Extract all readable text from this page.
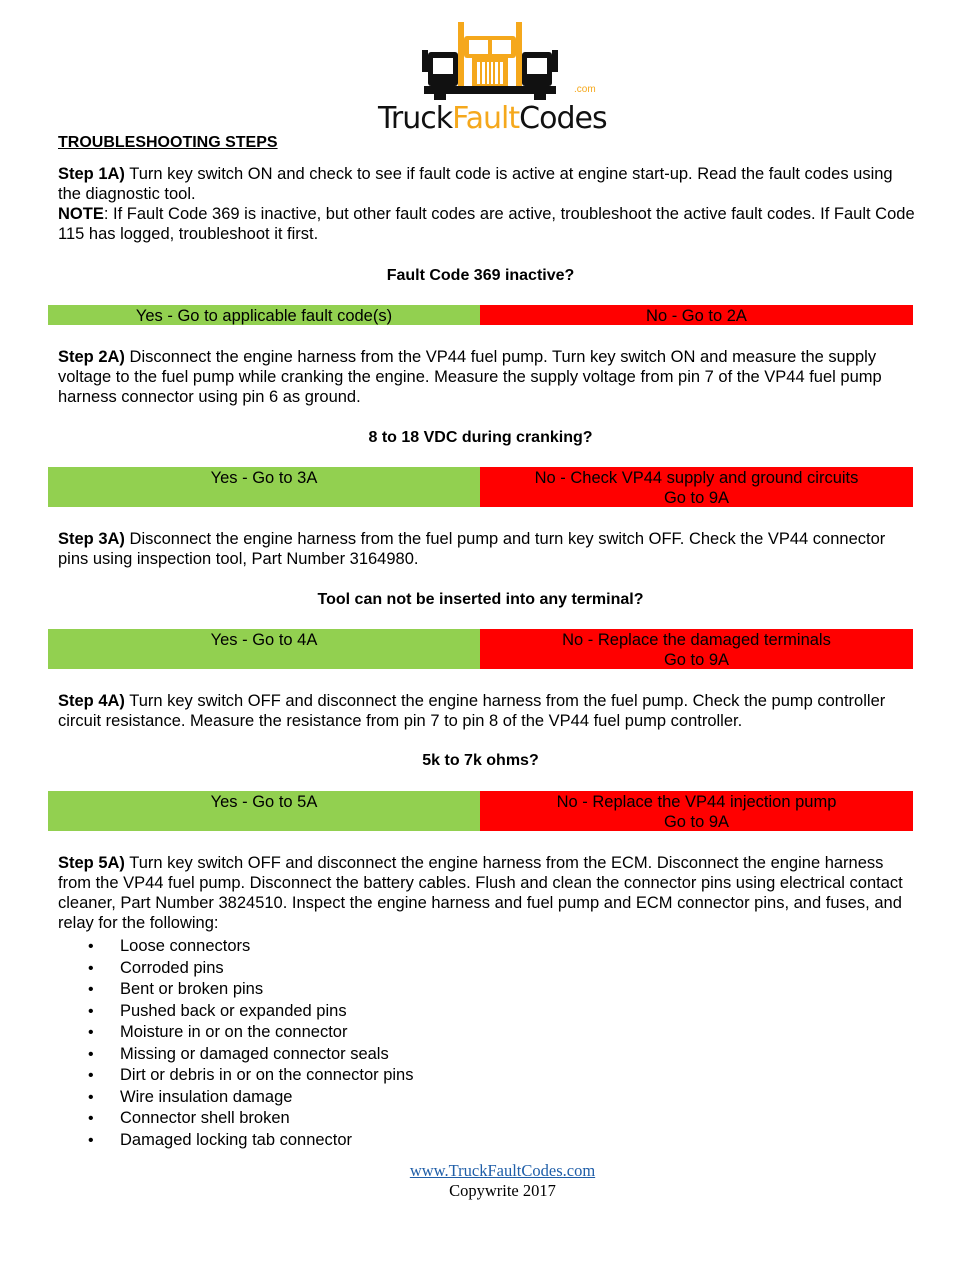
TruckFaultCodes
.com
TROUBLESHOOTING STEPS
Step 1A) Turn key switch ON and check to see if fault code is active at engine start-up. Read the fault codes using the diagnostic tool.
NOTE: If Fault Code 369 is inactive, but other fault codes are active, troubleshoot the active fault codes. If Fault Code 115 has logged, troubleshoot it first.
Fault Code 369 inactive?
Yes - Go to applicable fault code(s)	No - Go to 2A
Step 2A) Disconnect the engine harness from the VP44 fuel pump. Turn key switch ON and measure the supply voltage to the fuel pump while cranking the engine. Measure the supply voltage from pin 7 of the VP44 fuel pump harness connector using pin 6 as ground.
8 to 18 VDC during cranking?
Yes - Go to 3A	No - Check VP44 supply and ground circuits
Go to 9A
Step 3A) Disconnect the engine harness from the fuel pump and turn key switch OFF. Check the VP44 connector pins using inspection tool, Part Number 3164980.
Tool can not be inserted into any terminal?
Yes - Go to 4A	No - Replace the damaged terminals
Go to 9A
Step 4A) Turn key switch OFF and disconnect the engine harness from the fuel pump. Check the pump controller circuit resistance. Measure the resistance from pin 7 to pin 8 of the VP44 fuel pump controller.
5k to 7k ohms?
Yes - Go to 5A	No - Replace the VP44 injection pump
Go to 9A
Step 5A) Turn key switch OFF and disconnect the engine harness from the ECM. Disconnect the engine harness from the VP44 fuel pump. Disconnect the battery cables. Flush and clean the connector pins using electrical contact cleaner, Part Number 3824510. Inspect the engine harness and fuel pump and ECM connector pins, and fuses, and relay for the following:
• Loose connectors
• Corroded pins
• Bent or broken pins
• Pushed back or expanded pins
• Moisture in or on the connector
• Missing or damaged connector seals
• Dirt or debris in or on the connector pins
• Wire insulation damage
• Connector shell broken
• Damaged locking tab connector
www.TruckFaultCodes.com
Copywrite 2017
